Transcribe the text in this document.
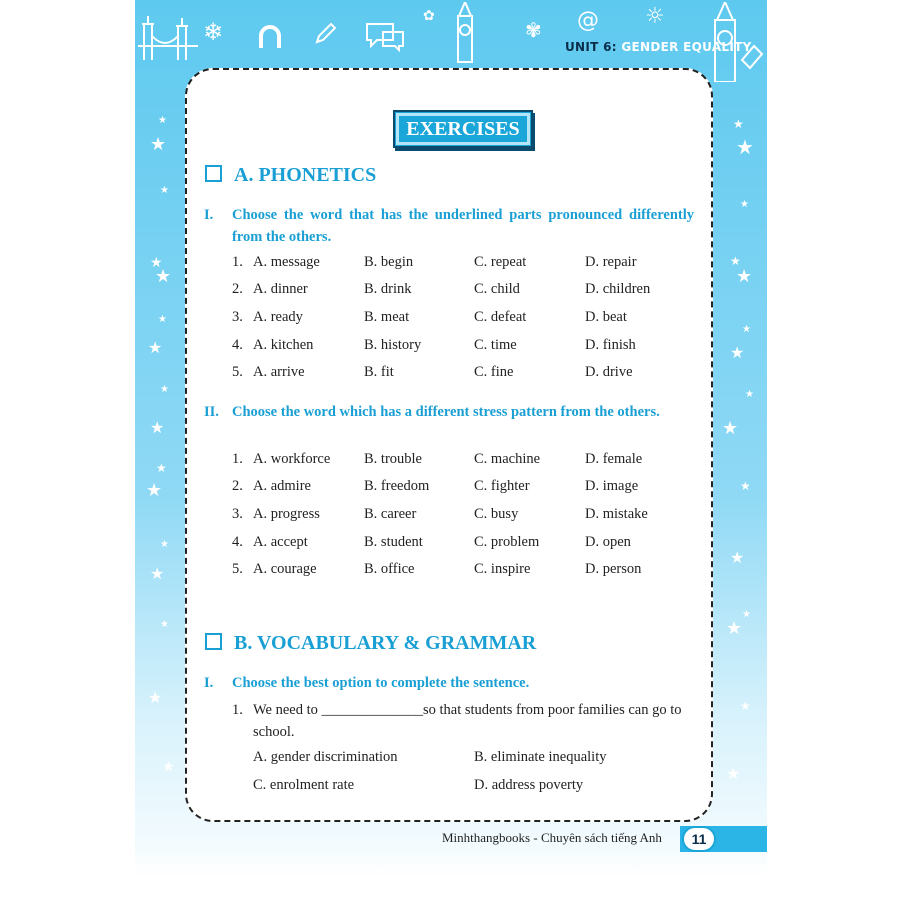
❄
✿
✾ @ ☼
UNIT 6: GENDER EQUALITY
★
★
★
★
★
★
★
★
★
★
★
★
★
★
★
★
★
★
★
★
★
★
★
★
★
★
★
★
★
★
★
EXERCISES
A. PHONETICS
I. Choose the word that has the underlined parts pronounced differently from the others.
1. A. message	B. begin	C. repeat	D. repair
2. A. dinner	B. drink	C. child	D. children
3. A. ready	B. meat	C. defeat	D. beat
4. A. kitchen	B. history	C. time	D. finish
5. A. arrive	B. fit	C. fine	D. drive
II. Choose the word which has a different stress pattern from the others.
1. A. workforce B. trouble	C. machine	D. female
2. A. admire	B. freedom	C. fighter	D. image
3. A. progress	B. career	C. busy	D. mistake
4. A. accept	B. student	C. problem	D. open
5. A. courage	B. office	C. inspire	D. person
B. VOCABULARY & GRAMMAR
I. Choose the best option to complete the sentence.
1. We need to ______________so that students from poor families can go to school.
A. gender discrimination	B. eliminate inequality
C. enrolment rate	D. address poverty
Minhthangbooks - Chuyên sách tiếng Anh	11
